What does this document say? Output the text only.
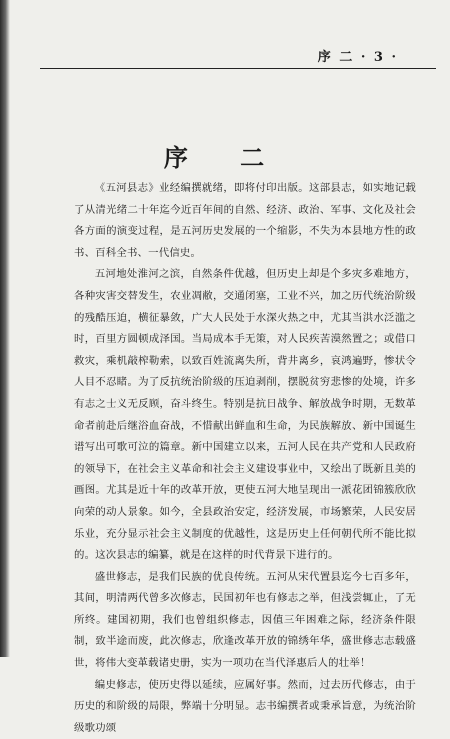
序 二 · 3 ·
序 二

《五河县志》业经编撰就绪，即将付印出版。这部县志，如实地记载了从清光绪二十年迄今近百年间的自然、经济、政治、军事、文化及社会各方面的演变过程，是五河历史发展的一个缩影，不失为本县地方性的政书、百科全书、一代信史。

五河地处淮河之滨，自然条件优越，但历史上却是个多灾多难地方，各种灾害交替发生，农业凋敝，交通闭塞，工业不兴，加之历代统治阶级的残酷压迫，横征暴敛，广大人民处于水深火热之中，尤其当洪水泛滥之时，百里方圆顿成泽国。当局成本手无策，对人民疾苦漠然置之；或借口救灾，乘机敲榨勒索，以致百姓流离失所，背井离乡，哀鸿遍野，惨状令人目不忍睹。为了反抗统治阶级的压迫剥削，摆脱贫穷悲惨的处境，许多有志之士义无反顾，奋斗终生。特别是抗日战争、解放战争时期，无数革命者前赴后继浴血奋战，不惜献出鲜血和生命，为民族解放、新中国诞生谱写出可歌可泣的篇章。新中国建立以来，五河人民在共产党和人民政府的领导下，在社会主义革命和社会主义建设事业中，又绘出了既新且美的画图。尤其是近十年的改革开放，更使五河大地呈现出一派花团锦簇欣欣向荣的动人景象。如今，全县政治安定，经济发展，市场繁荣，人民安居乐业，充分显示社会主义制度的优越性，这是历史上任何朝代所不能比拟的。这次县志的编纂，就是在这样的时代背景下进行的。

盛世修志，是我们民族的优良传统。五河从宋代置县迄今七百多年，其间，明清两代曾多次修志，民国初年也有修志之举，但浅尝辄止，了无所终。建国初期，我们也曾组织修志，因值三年困难之际，经济条件限制，致半途而废，此次修志，欣逢改革开放的锦绣年华，盛世修志志载盛世，将伟大变革载诸史册，实为一项功在当代泽惠后人的壮举！

编史修志，使历史得以延续，应属好事。然而，过去历代修志，由于历史的和阶级的局限，弊端十分明显。志书编撰者或秉承旨意，为统治阶级歌功颂
